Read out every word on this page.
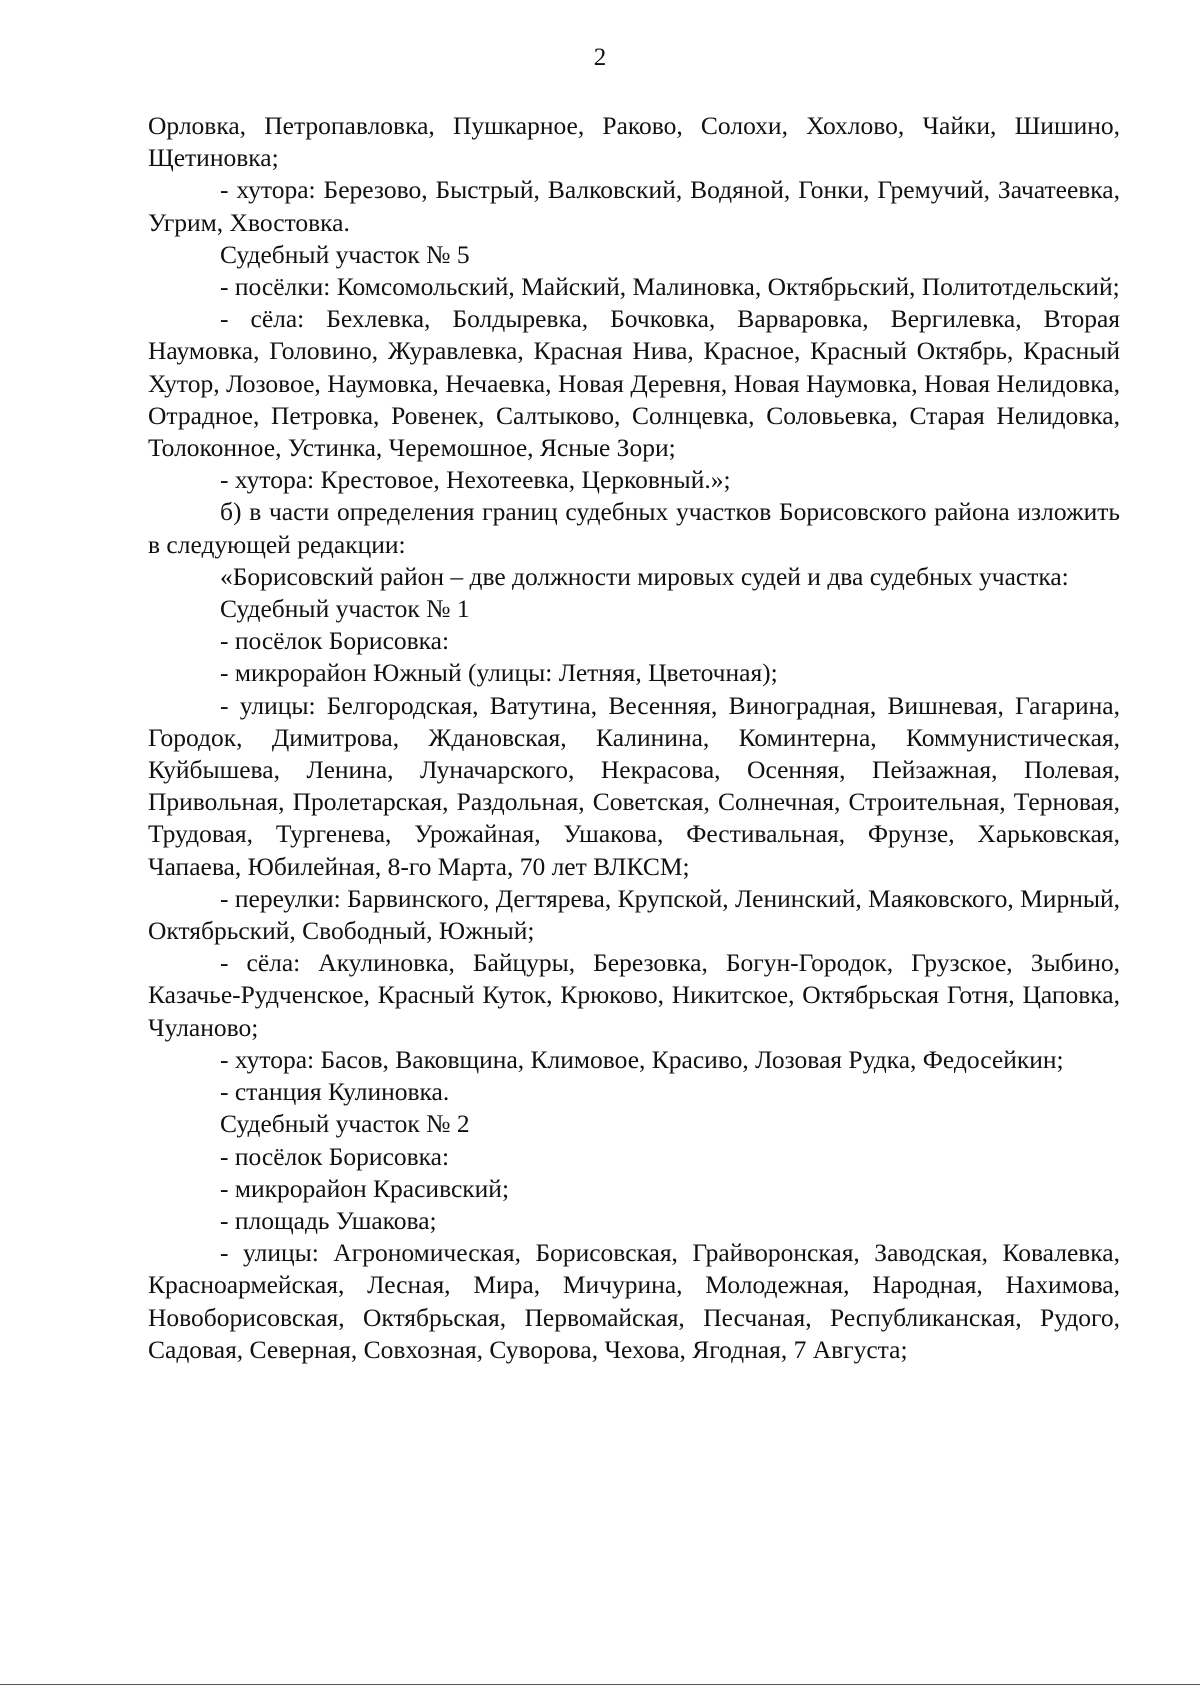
2

Орловка, Петропавловка, Пушкарное, Раково, Солохи, Хохлово, Чайки, Шишино, Щетиновка;

- хутора: Березово, Быстрый, Валковский, Водяной, Гонки, Гремучий, Зачатеевка, Угрим, Хвостовка.

Судебный участок № 5

- посёлки: Комсомольский, Майский, Малиновка, Октябрьский, Политотдельский;

- сёла: Бехлевка, Болдыревка, Бочковка, Варваровка, Вергилевка, Вторая Наумовка, Головино, Журавлевка, Красная Нива, Красное, Красный Октябрь, Красный Хутор, Лозовое, Наумовка, Нечаевка, Новая Деревня, Новая Наумовка, Новая Нелидовка, Отрадное, Петровка, Ровенек, Салтыково, Солнцевка, Соловьевка, Старая Нелидовка, Толоконное, Устинка, Черемошное, Ясные Зори;

- хутора: Крестовое, Нехотеевка, Церковный.»;

б) в части определения границ судебных участков Борисовского района изложить в следующей редакции:

«Борисовский район – две должности мировых судей и два судебных участка:

Судебный участок № 1

- посёлок Борисовка:

- микрорайон Южный (улицы: Летняя, Цветочная);

- улицы: Белгородская, Ватутина, Весенняя, Виноградная, Вишневая, Гагарина, Городок, Димитрова, Ждановская, Калинина, Коминтерна, Коммунистическая, Куйбышева, Ленина, Луначарского, Некрасова, Осенняя, Пейзажная, Полевая, Привольная, Пролетарская, Раздольная, Советская, Солнечная, Строительная, Терновая, Трудовая, Тургенева, Урожайная, Ушакова, Фестивальная, Фрунзе, Харьковская, Чапаева, Юбилейная, 8-го Марта, 70 лет ВЛКСМ;

- переулки: Барвинского, Дегтярева, Крупской, Ленинский, Маяковского, Мирный, Октябрьский, Свободный, Южный;

- сёла: Акулиновка, Байцуры, Березовка, Богун-Городок, Грузское, Зыбино, Казачье-Рудченское, Красный Куток, Крюково, Никитское, Октябрьская Готня, Цаповка, Чуланово;

- хутора: Басов, Ваковщина, Климовое, Красиво, Лозовая Рудка, Федосейкин;

- станция Кулиновка.

Судебный участок № 2

- посёлок Борисовка:

- микрорайон Красивский;

- площадь Ушакова;

- улицы: Агрономическая, Борисовская, Грайворонская, Заводская, Ковалевка, Красноармейская, Лесная, Мира, Мичурина, Молодежная, Народная, Нахимова, Новоборисовская, Октябрьская, Первомайская, Песчаная, Республиканская, Рудого, Садовая, Северная, Совхозная, Суворова, Чехова, Ягодная, 7 Августа;
